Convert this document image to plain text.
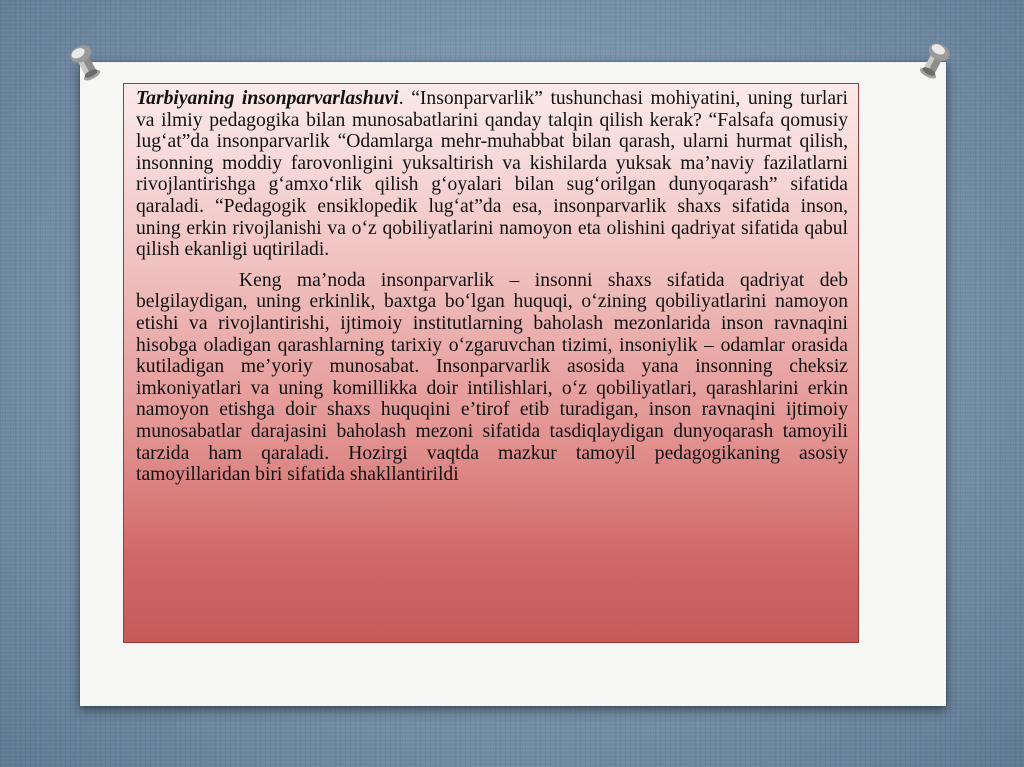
Tarbiyaning insonparvarlashuvi. “Insonparvarlik” tushunchasi mohiyatini, uning turlari va ilmiy pedagogika bilan munosabatlarini qanday talqin qilish kerak? “Falsafa qomusiy lug‘at”da insonparvarlik “Odamlarga mehr-muhabbat bilan qarash, ularni hurmat qilish, insonning moddiy farovonligini yuksaltirish va kishilarda yuksak ma’naviy fazilatlarni rivojlantirishga g‘amxo‘rlik qilish g‘oyalari bilan sug‘orilgan dunyoqarash” sifatida qaraladi. “Pedagogik ensiklopedik lug‘at”da esa, insonparvarlik shaxs sifatida inson, uning erkin rivojlanishi va o‘z qobiliyatlarini namoyon eta olishini qadriyat sifatida qabul qilish ekanligi uqtiriladi.

Keng ma’noda insonparvarlik – insonni shaxs sifatida qadriyat deb belgilaydigan, uning erkinlik, baxtga bo‘lgan huquqi, o‘zining qobiliyatlarini namoyon etishi va rivojlantirishi, ijtimoiy institutlarning baholash mezonlarida inson ravnaqini hisobga oladigan qarashlarning tarixiy o‘zgaruvchan tizimi, insoniylik – odamlar orasida kutiladigan me’yoriy munosabat. Insonparvarlik asosida yana insonning cheksiz imkoniyatlari va uning komillikka doir intilishlari, o‘z qobiliyatlari, qarashlarini erkin namoyon etishga doir shaxs huquqini e’tirof etib turadigan, inson ravnaqini ijtimoiy munosabatlar darajasini baholash mezoni sifatida tasdiqlaydigan dunyoqarash tamoyili tarzida ham qaraladi. Hozirgi vaqtda mazkur tamoyil pedagogikaning asosiy tamoyillaridan biri sifatida shakllantirildi
